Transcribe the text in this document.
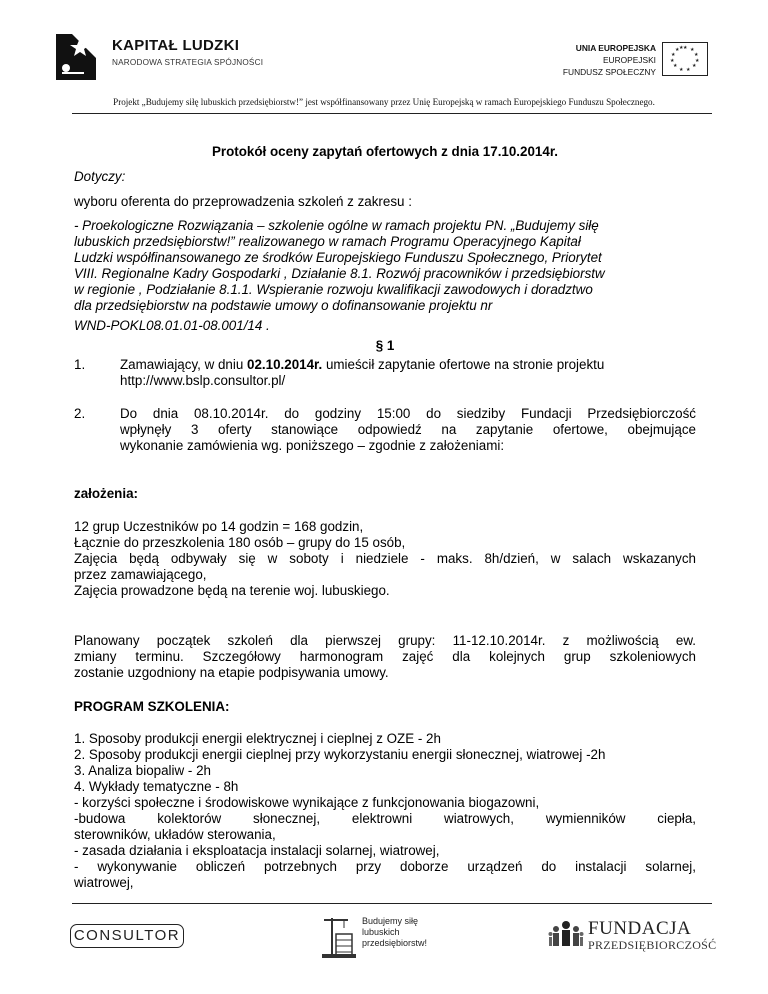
KAPITAŁ LUDZKI
NARODOWA STRATEGIA SPÓJNOŚCI
UNIA EUROPEJSKA
EUROPEJSKI
FUNDUSZ SPOŁECZNY
★ ★
★
★
★
★
★
★
★
★
★ ★
Projekt „Budujemy siłę lubuskich przedsiębiorstw!” jest współfinansowany przez Unię Europejską w ramach Europejskiego Funduszu Społecznego.
Protokół oceny zapytań ofertowych z dnia 17.10.2014r.
Dotyczy:
wyboru oferenta do przeprowadzenia szkoleń z zakresu :
- Proekologiczne Rozwiązania – szkolenie ogólne w ramach projektu PN. „Budujemy siłę
lubuskich przedsiębiorstw!” realizowanego w ramach Programu Operacyjnego Kapitał
Ludzki współfinansowanego ze środków Europejskiego Funduszu Społecznego, Priorytet
VIII. Regionalne Kadry Gospodarki , Działanie 8.1. Rozwój pracowników i przedsiębiorstw
w regionie , Podziałanie 8.1.1. Wspieranie rozwoju kwalifikacji zawodowych i doradztwo
dla przedsiębiorstw na podstawie umowy o dofinansowanie projektu nr
WND-POKL08.01.01-08.001/14 .
§ 1
1.	Zamawiający, w dniu 02.10.2014r. umieścił zapytanie ofertowe na stronie projektu
http://www.bslp.consultor.pl/
2.	Do dnia 08.10.2014r. do godziny 15:00 do siedziby Fundacji Przedsiębiorczość
wpłynęły 3 oferty stanowiące odpowiedź na zapytanie ofertowe, obejmujące
wykonanie zamówienia wg. poniższego – zgodnie z założeniami:
założenia:
12 grup Uczestników po 14 godzin = 168 godzin,
Łącznie do przeszkolenia 180 osób – grupy do 15 osób,
Zajęcia będą odbywały się w soboty i niedziele - maks. 8h/dzień, w salach wskazanych
przez zamawiającego,
Zajęcia prowadzone będą na terenie woj. lubuskiego.
Planowany początek szkoleń dla pierwszej grupy: 11-12.10.2014r. z możliwością ew.
zmiany terminu. Szczegółowy harmonogram zajęć dla kolejnych grup szkoleniowych
zostanie uzgodniony na etapie podpisywania umowy.
PROGRAM SZKOLENIA:
1. Sposoby produkcji energii elektrycznej i cieplnej z OZE - 2h
2. Sposoby produkcji energii cieplnej przy wykorzystaniu energii słonecznej, wiatrowej -2h
3. Analiza biopaliw - 2h
4. Wykłady tematyczne - 8h
- korzyści społeczne i środowiskowe wynikające z funkcjonowania biogazowni,
-budowa kolektorów słonecznej, elektrowni wiatrowych, wymienników ciepła,
sterowników, układów sterowania,
- zasada działania i eksploatacja instalacji solarnej, wiatrowej,
- wykonywanie obliczeń potrzebnych przy doborze urządzeń do instalacji solarnej,
wiatrowej,
CONSULTOR
Budujemy siłę
lubuskich
przedsiębiorstw!
FUNDACJA
PRZEDSIĘBIORCZOŚĆ
